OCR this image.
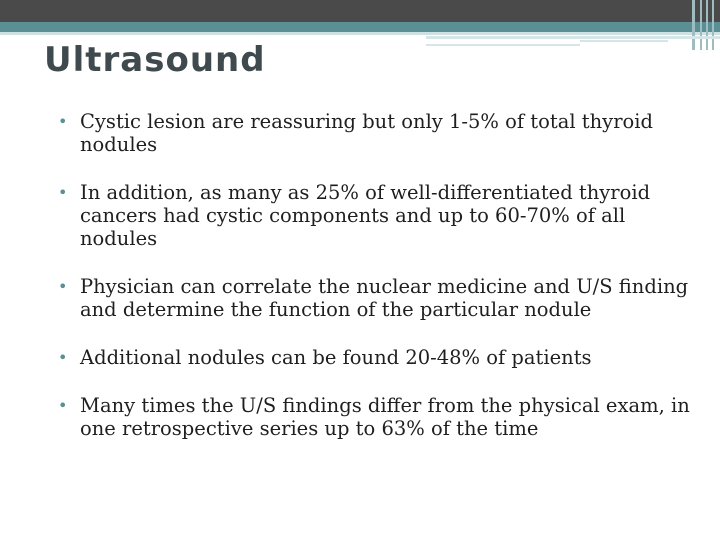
Ultrasound
• Cystic lesion are reassuring but only 1-5% of total thyroid nodules
• In addition, as many as 25% of well-differentiated thyroid cancers had cystic components and up to 60-70% of all nodules
• Physician can correlate the nuclear medicine and U/S finding and determine the function of the particular nodule
• Additional nodules can be found 20-48% of patients
• Many times the U/S findings differ from the physical exam, in one retrospective series up to 63% of the time
